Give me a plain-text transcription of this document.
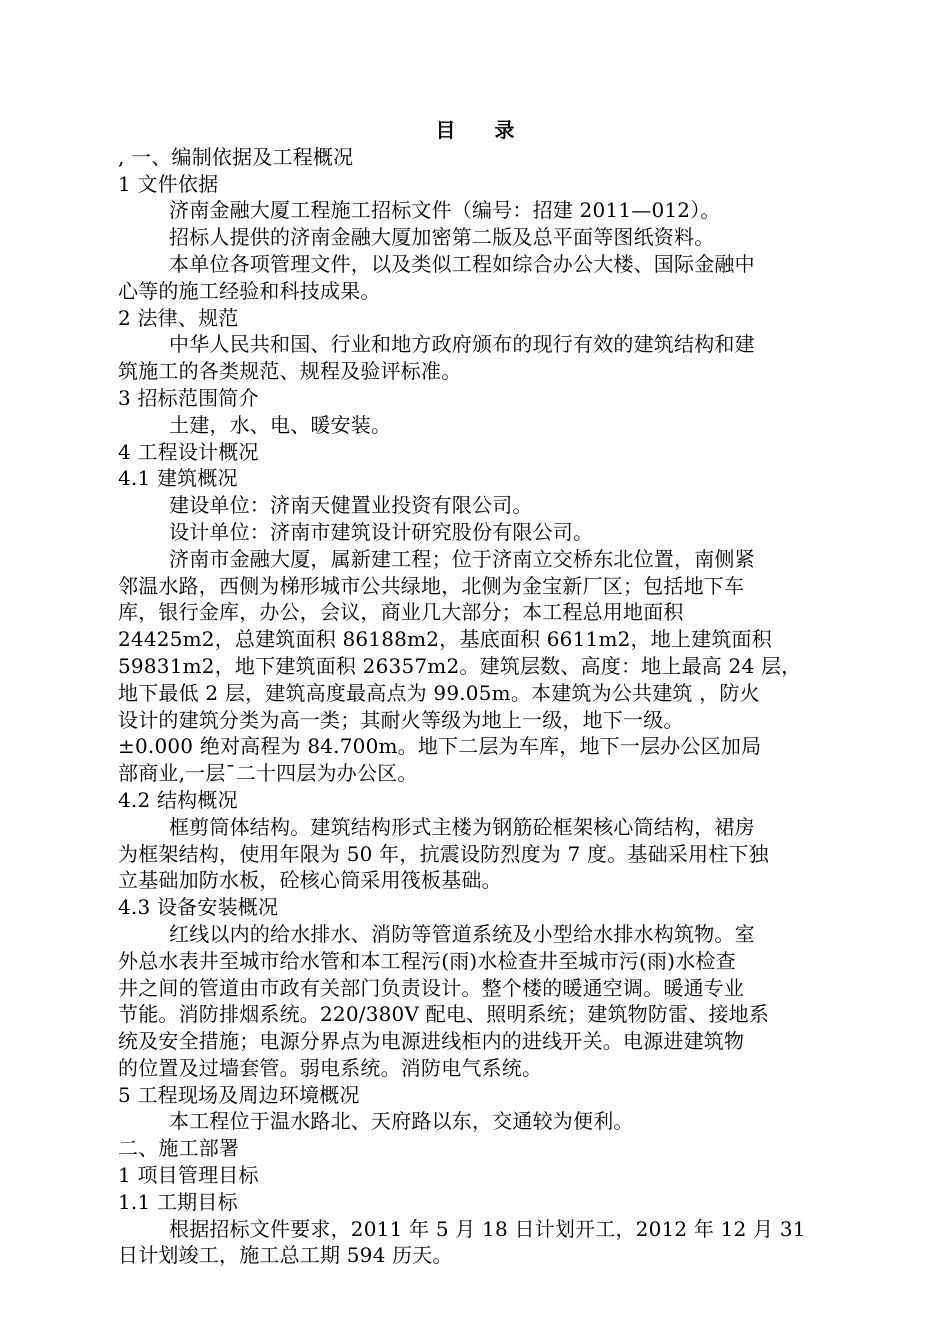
目 录
, 一、编制依据及工程概况
1 文件依据
济南金融大厦工程施工招标文件（编号：招建 2011—012）。
招标人提供的济南金融大厦加密第二版及总平面等图纸资料。
本单位各项管理文件，以及类似工程如综合办公大楼、国际金融中
心等的施工经验和科技成果。
2 法律、规范
中华人民共和国、行业和地方政府颁布的现行有效的建筑结构和建
筑施工的各类规范、规程及验评标准。
3 招标范围简介
土建，水、电、暖安装。
4 工程设计概况
4.1 建筑概况
建设单位：济南天健置业投资有限公司。
设计单位：济南市建筑设计研究股份有限公司。
济南市金融大厦，属新建工程；位于济南立交桥东北位置，南侧紧
邻温水路，西侧为梯形城市公共绿地，北侧为金宝新厂区；包括地下车
库，银行金库，办公，会议，商业几大部分；本工程总用地面积
24425m2，总建筑面积 86188m2，基底面积 6611m2，地上建筑面积
59831m2，地下建筑面积 26357m2。建筑层数、高度：地上最高 24 层，
地下最低 2 层，建筑高度最高点为 99.05m。本建筑为公共建筑 ，防火
设计的建筑分类为高一类；其耐火等级为地上一级，地下一级。
±0.000 绝对高程为 84.700m。地下二层为车库，地下一层办公区加局
部商业,一层¯二十四层为办公区。
4.2 结构概况
框剪筒体结构。建筑结构形式主楼为钢筋砼框架核心筒结构，裙房
为框架结构，使用年限为 50 年，抗震设防烈度为 7 度。基础采用柱下独
立基础加防水板，砼核心筒采用筏板基础。
4.3 设备安装概况
红线以内的给水排水、消防等管道系统及小型给水排水构筑物。室
外总水表井至城市给水管和本工程污(雨)水检查井至城市污(雨)水检查
井之间的管道由市政有关部门负责设计。整个楼的暖通空调。暖通专业
节能。消防排烟系统。220/380V 配电、照明系统；建筑物防雷、接地系
统及安全措施；电源分界点为电源进线柜内的进线开关。电源进建筑物
的位置及过墙套管。弱电系统。消防电气系统。
5 工程现场及周边环境概况
本工程位于温水路北、天府路以东，交通较为便利。
二、施工部署
1 项目管理目标
1.1 工期目标
根据招标文件要求，2011 年 5 月 18 日计划开工，2012 年 12 月 31
日计划竣工，施工总工期 594 历天。
